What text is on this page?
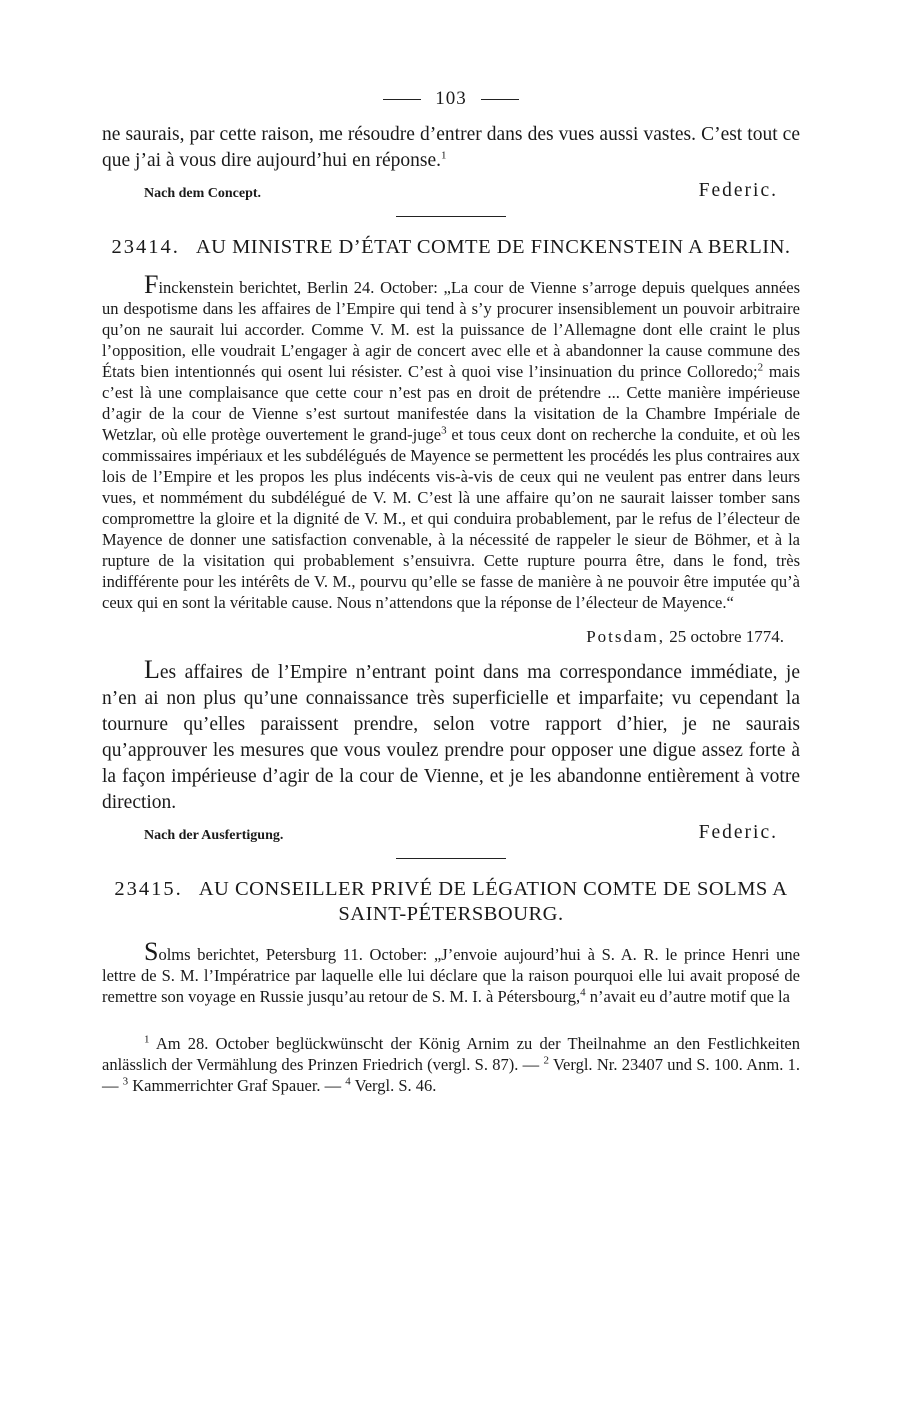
103

ne saurais, par cette raison, me résoudre d’entrer dans des vues aussi vastes. C’est tout ce que j’ai à vous dire aujourd’hui en réponse.$^1$

Nach dem Concept.	Federic.
23414. AU MINISTRE D’ÉTAT COMTE DE FINCKENSTEIN A BERLIN.

Finckenstein berichtet, Berlin 24. October: „La cour de Vienne s’arroge depuis quelques années un despotisme dans les affaires de l’Empire qui tend à s’y procurer insensiblement un pouvoir arbitraire qu’on ne saurait lui accorder. Comme V. M. est la puissance de l’Allemagne dont elle craint le plus l’opposition, elle voudrait L’engager à agir de concert avec elle et à abandonner la cause commune des États bien intentionnés qui osent lui résister. C’est à quoi vise l’insinuation du prince Colloredo;$^2$ mais c’est là une complaisance que cette cour n’est pas en droit de prétendre ... Cette manière impérieuse d’agir de la cour de Vienne s’est surtout manifestée dans la visitation de la Chambre Impériale de Wetzlar, où elle protège ouvertement le grand-juge$^3$ et tous ceux dont on recherche la conduite, et où les commissaires impériaux et les subdélégués de Mayence se permettent les procédés les plus contraires aux lois de l’Empire et les propos les plus indécents vis-à-vis de ceux qui ne veulent pas entrer dans leurs vues, et nommément du subdélégué de V. M. C’est là une affaire qu’on ne saurait laisser tomber sans compromettre la gloire et la dignité de V. M., et qui conduira probablement, par le refus de l’électeur de Mayence de donner une satisfaction convenable, à la nécessité de rappeler le sieur de Böhmer, et à la rupture de la visitation qui probablement s’ensuivra. Cette rupture pourra être, dans le fond, très indifférente pour les intérêts de V. M., pourvu qu’elle se fasse de manière à ne pouvoir être imputée qu’à ceux qui en sont la véritable cause. Nous n’attendons que la réponse de l’électeur de Mayence.“

Potsdam, 25 octobre 1774.

Les affaires de l’Empire n’entrant point dans ma correspondance immédiate, je n’en ai non plus qu’une connaissance très superficielle et imparfaite; vu cependant la tournure qu’elles paraissent prendre, selon votre rapport d’hier, je ne saurais qu’approuver les mesures que vous voulez prendre pour opposer une digue assez forte à la façon impérieuse d’agir de la cour de Vienne, et je les abandonne entièrement à votre direction.

Nach der Ausfertigung.	Federic.
23415. AU CONSEILLER PRIVÉ DE LÉGATION COMTE DE SOLMS A SAINT-PÉTERSBOURG.

Solms berichtet, Petersburg 11. October: „J’envoie aujourd’hui à S. A. R. le prince Henri une lettre de S. M. l’Impératrice par laquelle elle lui déclare que la raison pourquoi elle lui avait proposé de remettre son voyage en Russie jusqu’au retour de S. M. I. à Pétersbourg,$^4$ n’avait eu d’autre motif que la

$^1$ Am 28. October beglückwünscht der König Arnim zu der Theilnahme an den Festlichkeiten anlässlich der Vermählung des Prinzen Friedrich (vergl. S. 87). — $^2$ Vergl. Nr. 23407 und S. 100. Anm. 1. — $^3$ Kammerrichter Graf Spauer. — $^4$ Vergl. S. 46.
